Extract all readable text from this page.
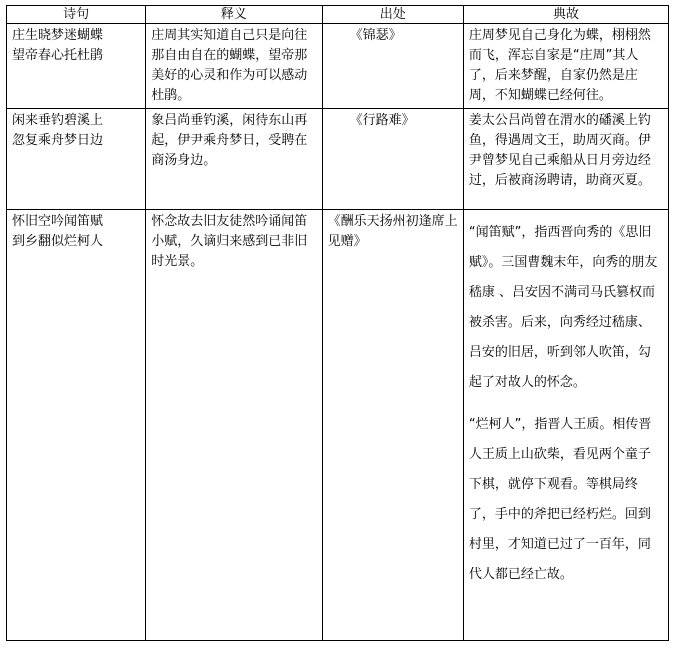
诗句	释义	出处	典故

庄生晓梦迷蝴蝶
望帝春心托杜鹃	庄周其实知道自己只是向往那自由自在的蝴蝶，望帝那美好的心灵和作为可以感动杜鹃。	《锦瑟》	庄周梦见自己身化为蝶，栩栩然而飞，浑忘自家是“庄周”其人了，后来梦醒，自家仍然是庄周，不知蝴蝶已经何往。

闲来垂钓碧溪上
忽复乘舟梦日边	象吕尚垂钓溪，闲待东山再起，伊尹乘舟梦日，受聘在商汤身边。	《行路难》	姜太公吕尚曾在渭水的磻溪上钓鱼，得遇周文王，助周灭商。伊尹曾梦见自己乘船从日月旁边经过，后被商汤聘请，助商灭夏。

怀旧空吟闻笛赋
到乡翻似烂柯人	怀念故去旧友徒然吟诵闻笛小赋，久谪归来感到已非旧时光景。	《酬乐天扬州初逢席上见赠》	“闻笛赋”，指西晋向秀的《思旧赋》。三国曹魏末年，向秀的朋友嵇康 、吕安因不满司马氏篡权而被杀害。后来，向秀经过嵇康、吕安的旧居，听到邻人吹笛，勾起了对故人的怀念。
“烂柯人”，指晋人王质。相传晋人王质上山砍柴，看见两个童子下棋，就停下观看。等棋局终了，手中的斧把已经朽烂。回到村里，才知道已过了一百年，同代人都已经亡故。
